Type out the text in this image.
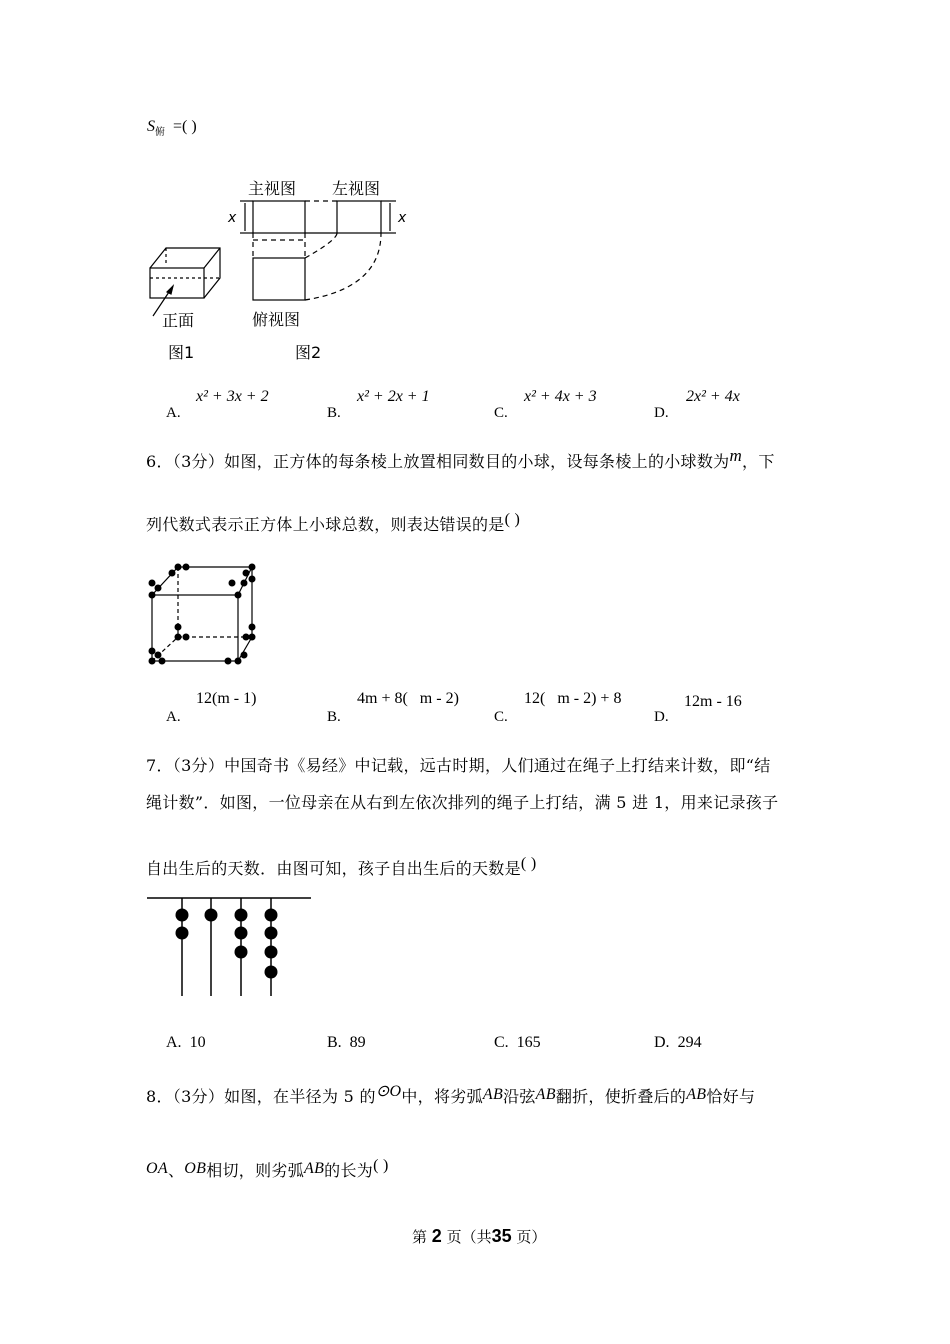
$S_俯$ =( )
主视图 左视图
俯视图
正面
图1	图2
x	x
A.
x² + 3x + 2
B.
x² + 2x + 1
C.
x² + 4x + 3
D.
2x² + 4x
6．（3分）如图，正方体的每条棱上放置相同数目的小球，设每条棱上的小球数为m，下
列代数式表示正方体上小球总数，则表达错误的是( )
A.
12(m - 1)
B.
4m + 8(   m - 2)
C.
12(   m - 2) + 8
D.
12m - 16
7．（3分）中国奇书《易经》中记载，远古时期，人们通过在绳子上打结来计数，即“结
绳计数”．如图，一位母亲在从右到左依次排列的绳子上打结，满 5 进 1，用来记录孩子
自出生后的天数．由图可知，孩子自出生后的天数是( )
A. 10	B. 89	C. 165	D. 294
8．（3分）如图，在半径为 5 的⊙O中，将劣弧AB沿弦AB翻折，使折叠后的AB恰好与
OA、OB相切，则劣弧AB的长为( )
第 2 页（共35 页）
